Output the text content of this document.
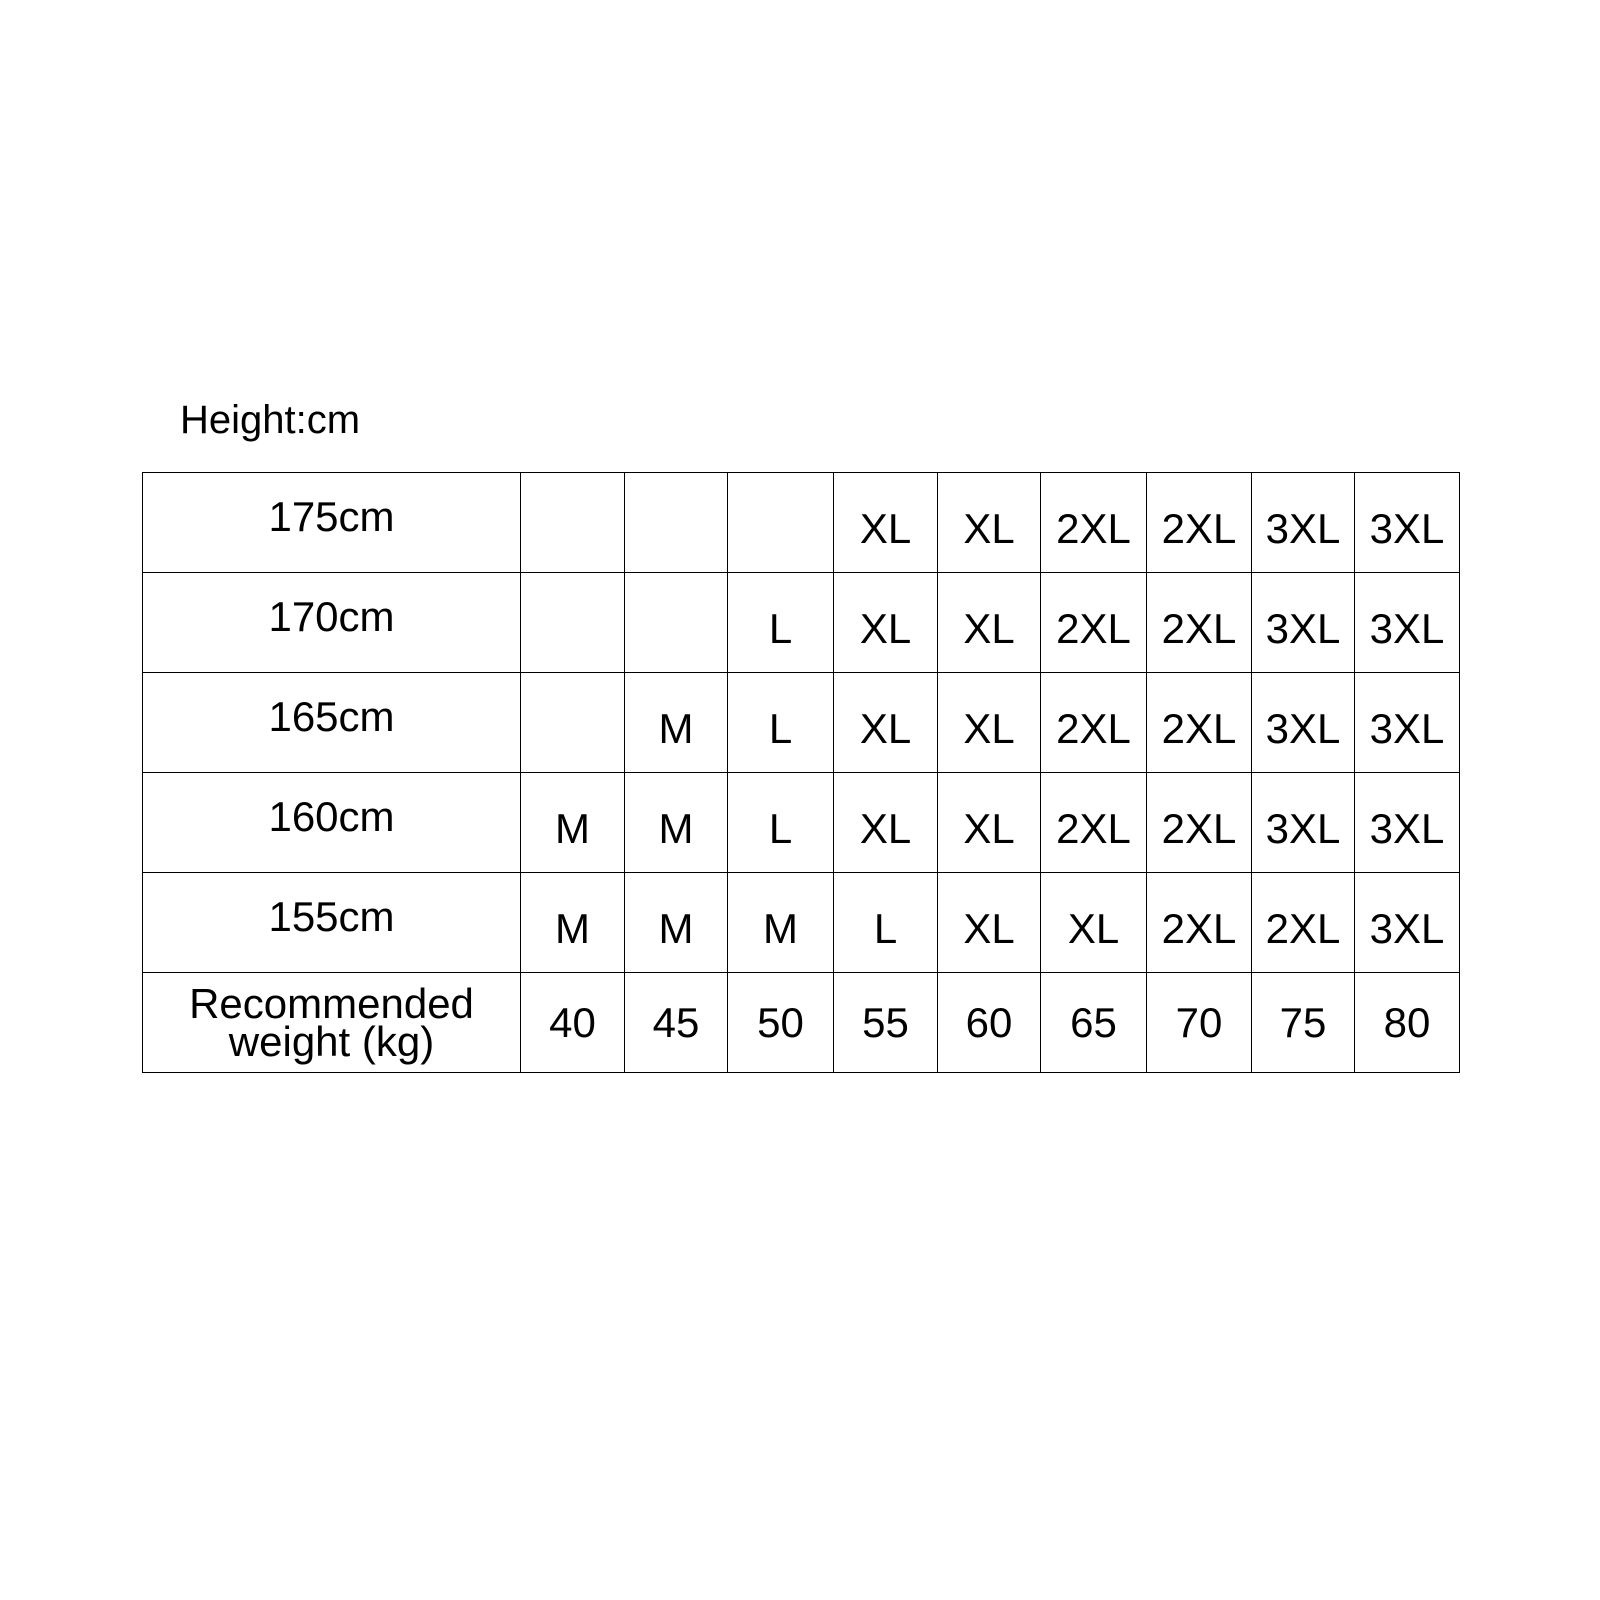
Height:cm
175cm				XL	XL	2XL	2XL	3XL	3XL

170cm			L	XL	XL	2XL	2XL	3XL	3XL

165cm		M	L	XL	XL	2XL	2XL	3XL	3XL

160cm	M	M	L	XL	XL	2XL	2XL	3XL	3XL

155cm	M	M	M	L	XL	XL	2XL	2XL	3XL

Recommended
weight (kg)	40	45	50	55	60	65	70	75	80
